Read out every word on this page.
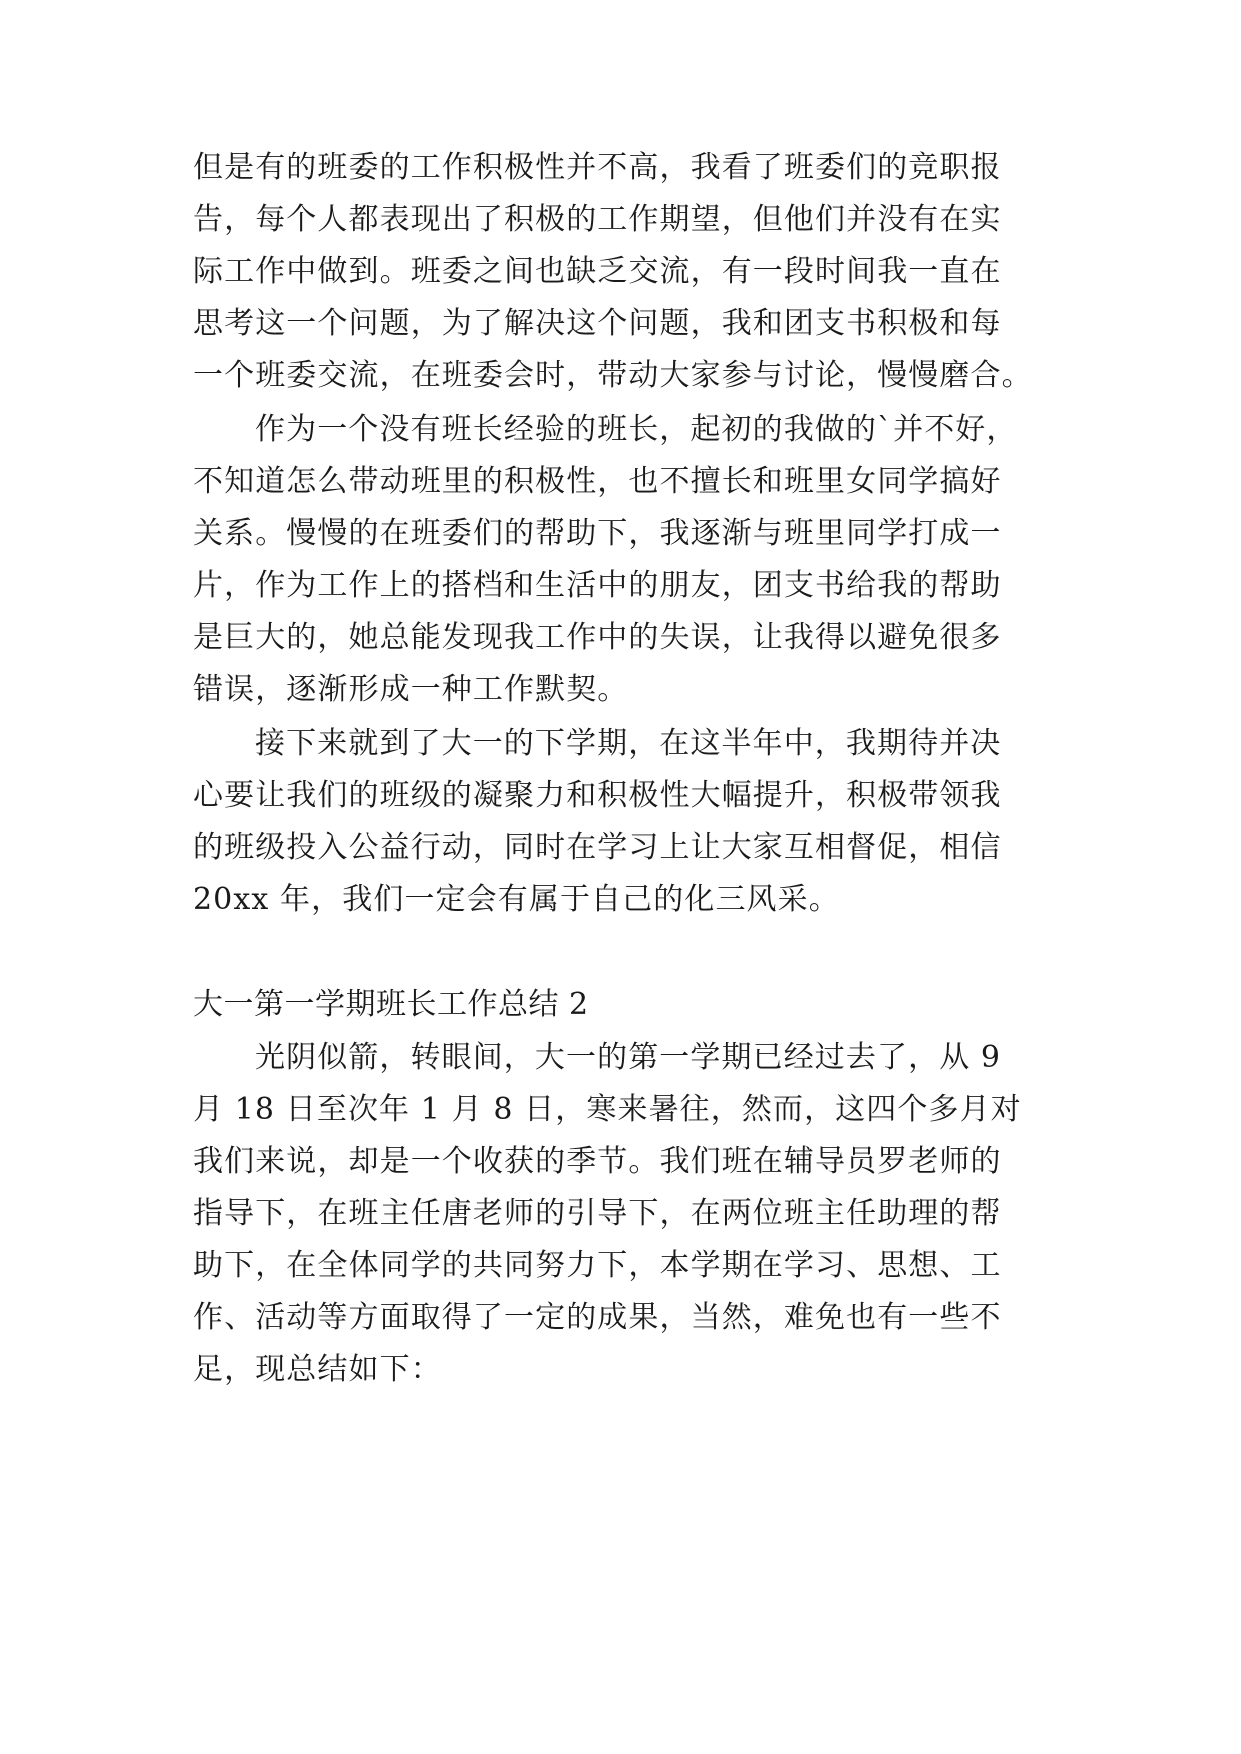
但是有的班委的工作积极性并不高，我看了班委们的竞职报
告，每个人都表现出了积极的工作期望，但他们并没有在实
际工作中做到。班委之间也缺乏交流，有一段时间我一直在
思考这一个问题，为了解决这个问题，我和团支书积极和每
一个班委交流，在班委会时，带动大家参与讨论，慢慢磨合。
作为一个没有班长经验的班长，起初的我做的`并不好，
不知道怎么带动班里的积极性，也不擅长和班里女同学搞好
关系。慢慢的在班委们的帮助下，我逐渐与班里同学打成一
片，作为工作上的搭档和生活中的朋友，团支书给我的帮助
是巨大的，她总能发现我工作中的失误，让我得以避免很多
错误，逐渐形成一种工作默契。
接下来就到了大一的下学期，在这半年中，我期待并决
心要让我们的班级的凝聚力和积极性大幅提升，积极带领我
的班级投入公益行动，同时在学习上让大家互相督促，相信
20xx 年，我们一定会有属于自己的化三风采。
大一第一学期班长工作总结 2
光阴似箭，转眼间，大一的第一学期已经过去了，从 9
月 18 日至次年 1 月 8 日，寒来暑往，然而，这四个多月对
我们来说，却是一个收获的季节。我们班在辅导员罗老师的
指导下，在班主任唐老师的引导下，在两位班主任助理的帮
助下，在全体同学的共同努力下，本学期在学习、思想、工
作、活动等方面取得了一定的成果，当然，难免也有一些不
足，现总结如下：
